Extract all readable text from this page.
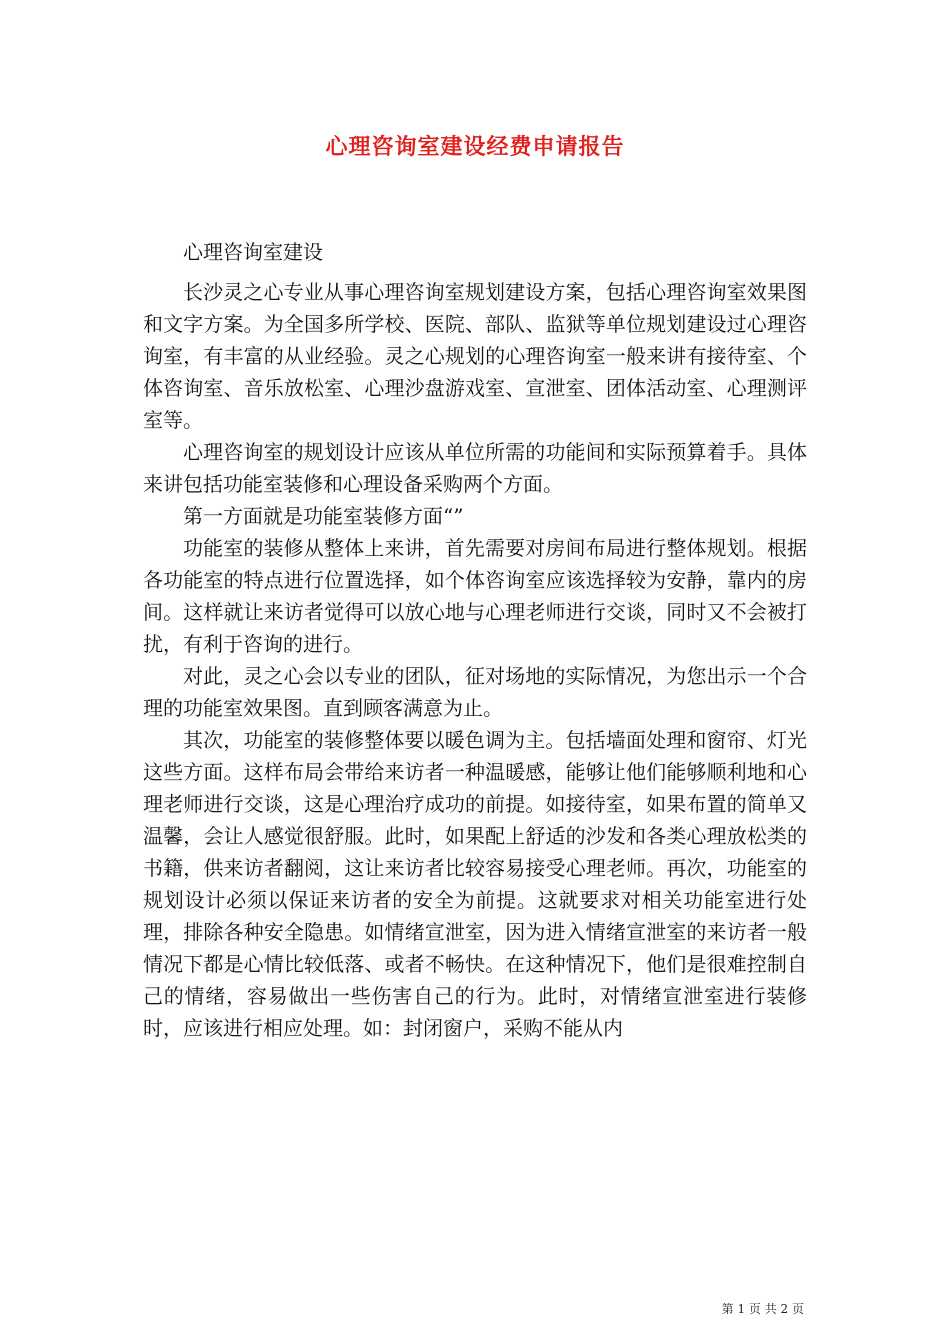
心理咨询室建设经费申请报告

心理咨询室建设

长沙灵之心专业从事心理咨询室规划建设方案，包括心理咨询室效果图和文字方案。为全国多所学校、医院、部队、监狱等单位规划建设过心理咨询室，有丰富的从业经验。灵之心规划的心理咨询室一般来讲有接待室、个体咨询室、音乐放松室、心理沙盘游戏室、宣泄室、团体活动室、心理测评室等。

心理咨询室的规划设计应该从单位所需的功能间和实际预算着手。具体来讲包括功能室装修和心理设备采购两个方面。

第一方面就是功能室装修方面“”

功能室的装修从整体上来讲，首先需要对房间布局进行整体规划。根据各功能室的特点进行位置选择，如个体咨询室应该选择较为安静，靠内的房间。这样就让来访者觉得可以放心地与心理老师进行交谈，同时又不会被打扰，有利于咨询的进行。

对此，灵之心会以专业的团队，征对场地的实际情况，为您出示一个合理的功能室效果图。直到顾客满意为止。

其次，功能室的装修整体要以暖色调为主。包括墙面处理和窗帘、灯光这些方面。这样布局会带给来访者一种温暖感，能够让他们能够顺利地和心理老师进行交谈，这是心理治疗成功的前提。如接待室，如果布置的简单又温馨，会让人感觉很舒服。此时，如果配上舒适的沙发和各类心理放松类的书籍，供来访者翻阅，这让来访者比较容易接受心理老师。再次，功能室的规划设计必须以保证来访者的安全为前提。这就要求对相关功能室进行处理，排除各种安全隐患。如情绪宣泄室，因为进入情绪宣泄室的来访者一般情况下都是心情比较低落、或者不畅快。在这种情况下，他们是很难控制自己的情绪，容易做出一些伤害自己的行为。此时，对情绪宣泄室进行装修时，应该进行相应处理。如：封闭窗户，采购不能从内

第 1 页 共 2 页
